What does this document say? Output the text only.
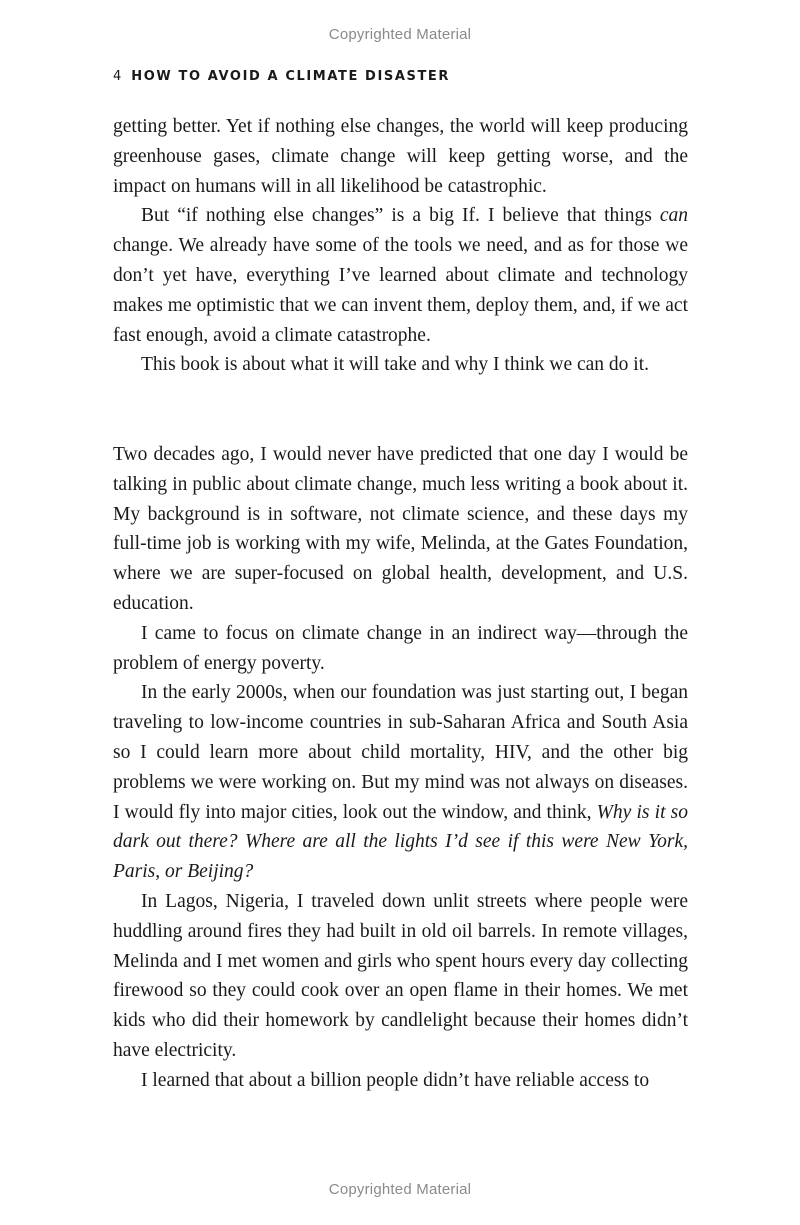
Copyrighted Material
4 HOW TO AVOID A CLIMATE DISASTER

getting better. Yet if nothing else changes, the world will keep producing greenhouse gases, climate change will keep getting worse, and the impact on humans will in all likelihood be catastrophic.

But “if nothing else changes” is a big If. I believe that things can change. We already have some of the tools we need, and as for those we don’t yet have, everything I’ve learned about climate and technology makes me optimistic that we can invent them, deploy them, and, if we act fast enough, avoid a climate catastrophe.

This book is about what it will take and why I think we can do it.

Two decades ago, I would never have predicted that one day I would be talking in public about climate change, much less writing a book about it. My background is in software, not climate science, and these days my full-time job is working with my wife, Melinda, at the Gates Foundation, where we are super-focused on global health, development, and U.S. education.

I came to focus on climate change in an indirect way—through the problem of energy poverty.

In the early 2000s, when our foundation was just starting out, I began traveling to low-income countries in sub-Saharan Africa and South Asia so I could learn more about child mortality, HIV, and the other big problems we were working on. But my mind was not always on diseases. I would fly into major cities, look out the window, and think, Why is it so dark out there? Where are all the lights I’d see if this were New York, Paris, or Beijing?

In Lagos, Nigeria, I traveled down unlit streets where people were huddling around fires they had built in old oil barrels. In remote villages, Melinda and I met women and girls who spent hours every day collecting firewood so they could cook over an open flame in their homes. We met kids who did their homework by candlelight because their homes didn’t have electricity.

I learned that about a billion people didn’t have reliable access to

Copyrighted Material
